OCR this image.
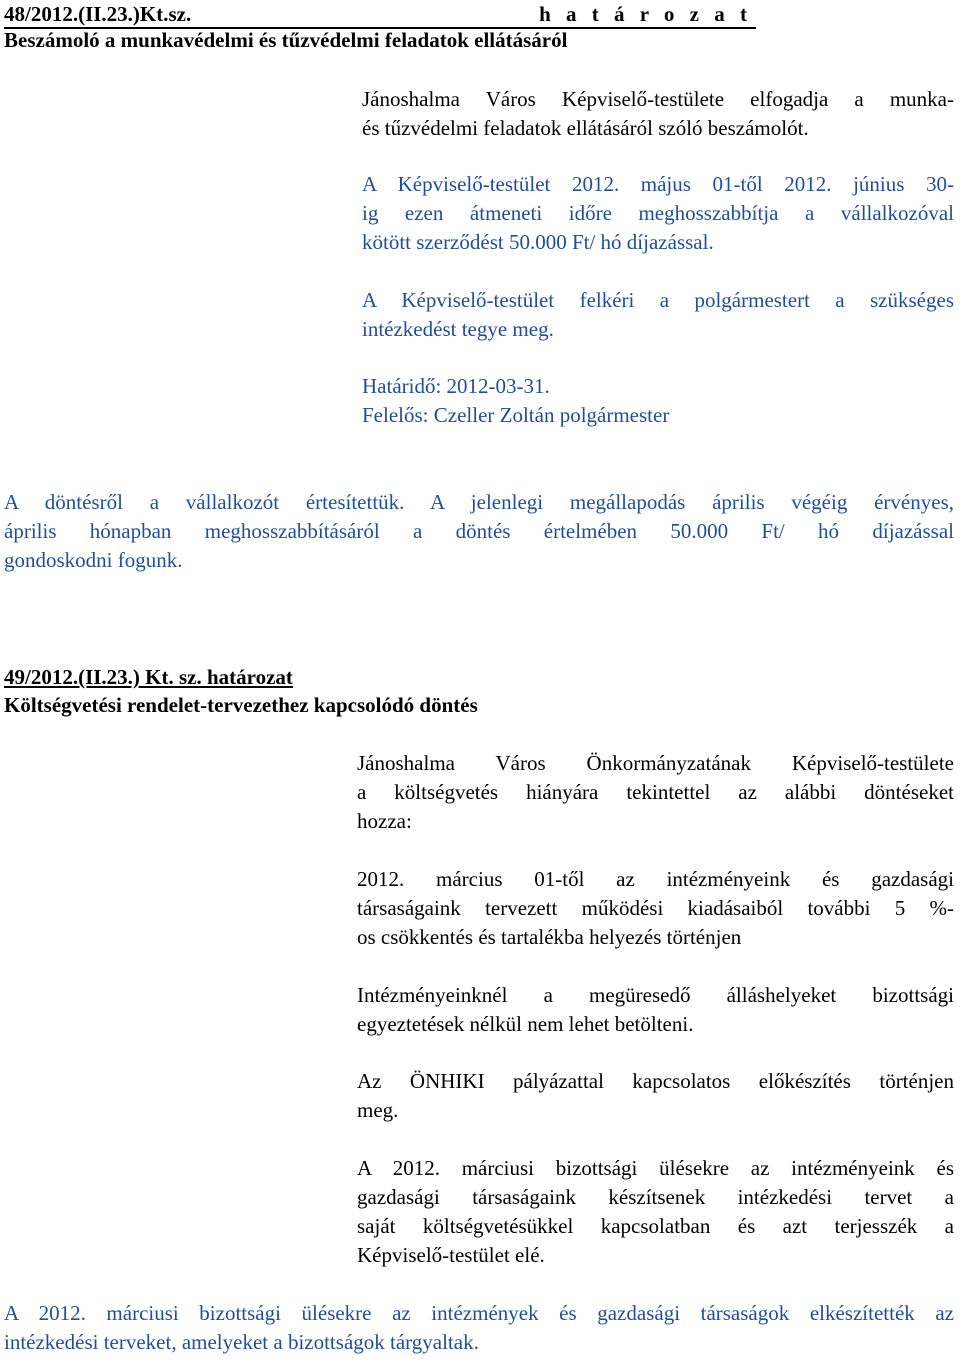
48/2012.(II.23.)Kt.sz.	h a t á r o z a t
Beszámoló a munkavédelmi és tűzvédelmi feladatok ellátásáról
Jánoshalma Város Képviselő-testülete elfogadja a munka-
és tűzvédelmi feladatok ellátásáról szóló beszámolót.
A Képviselő-testület 2012. május 01-től 2012. június 30-
ig ezen átmeneti időre meghosszabbítja a vállalkozóval
kötött szerződést 50.000 Ft/ hó díjazással.
A Képviselő-testület felkéri a polgármestert a szükséges
intézkedést tegye meg.
Határidő: 2012-03-31.
Felelős: Czeller Zoltán polgármester
A döntésről a vállalkozót értesítettük. A jelenlegi megállapodás április végéig érvényes,
április hónapban meghosszabbításáról a döntés értelmében 50.000 Ft/ hó díjazással
gondoskodni fogunk.
49/2012.(II.23.) Kt. sz. határozat
Költségvetési rendelet-tervezethez kapcsolódó döntés
Jánoshalma Város Önkormányzatának Képviselő-testülete
a költségvetés hiányára tekintettel az alábbi döntéseket
hozza:
2012. március 01-től az intézményeink és gazdasági
társaságaink tervezett működési kiadásaiból további 5 %-
os csökkentés és tartalékba helyezés történjen
Intézményeinknél a megüresedő álláshelyeket bizottsági
egyeztetések nélkül nem lehet betölteni.
Az ÖNHIKI pályázattal kapcsolatos előkészítés történjen
meg.
A 2012. márciusi bizottsági ülésekre az intézményeink és
gazdasági társaságaink készítsenek intézkedési tervet a
saját költségvetésükkel kapcsolatban és azt terjesszék a
Képviselő-testület elé.
A 2012. márciusi bizottsági ülésekre az intézmények és gazdasági társaságok elkészítették az
intézkedési terveket, amelyeket a bizottságok tárgyaltak.
